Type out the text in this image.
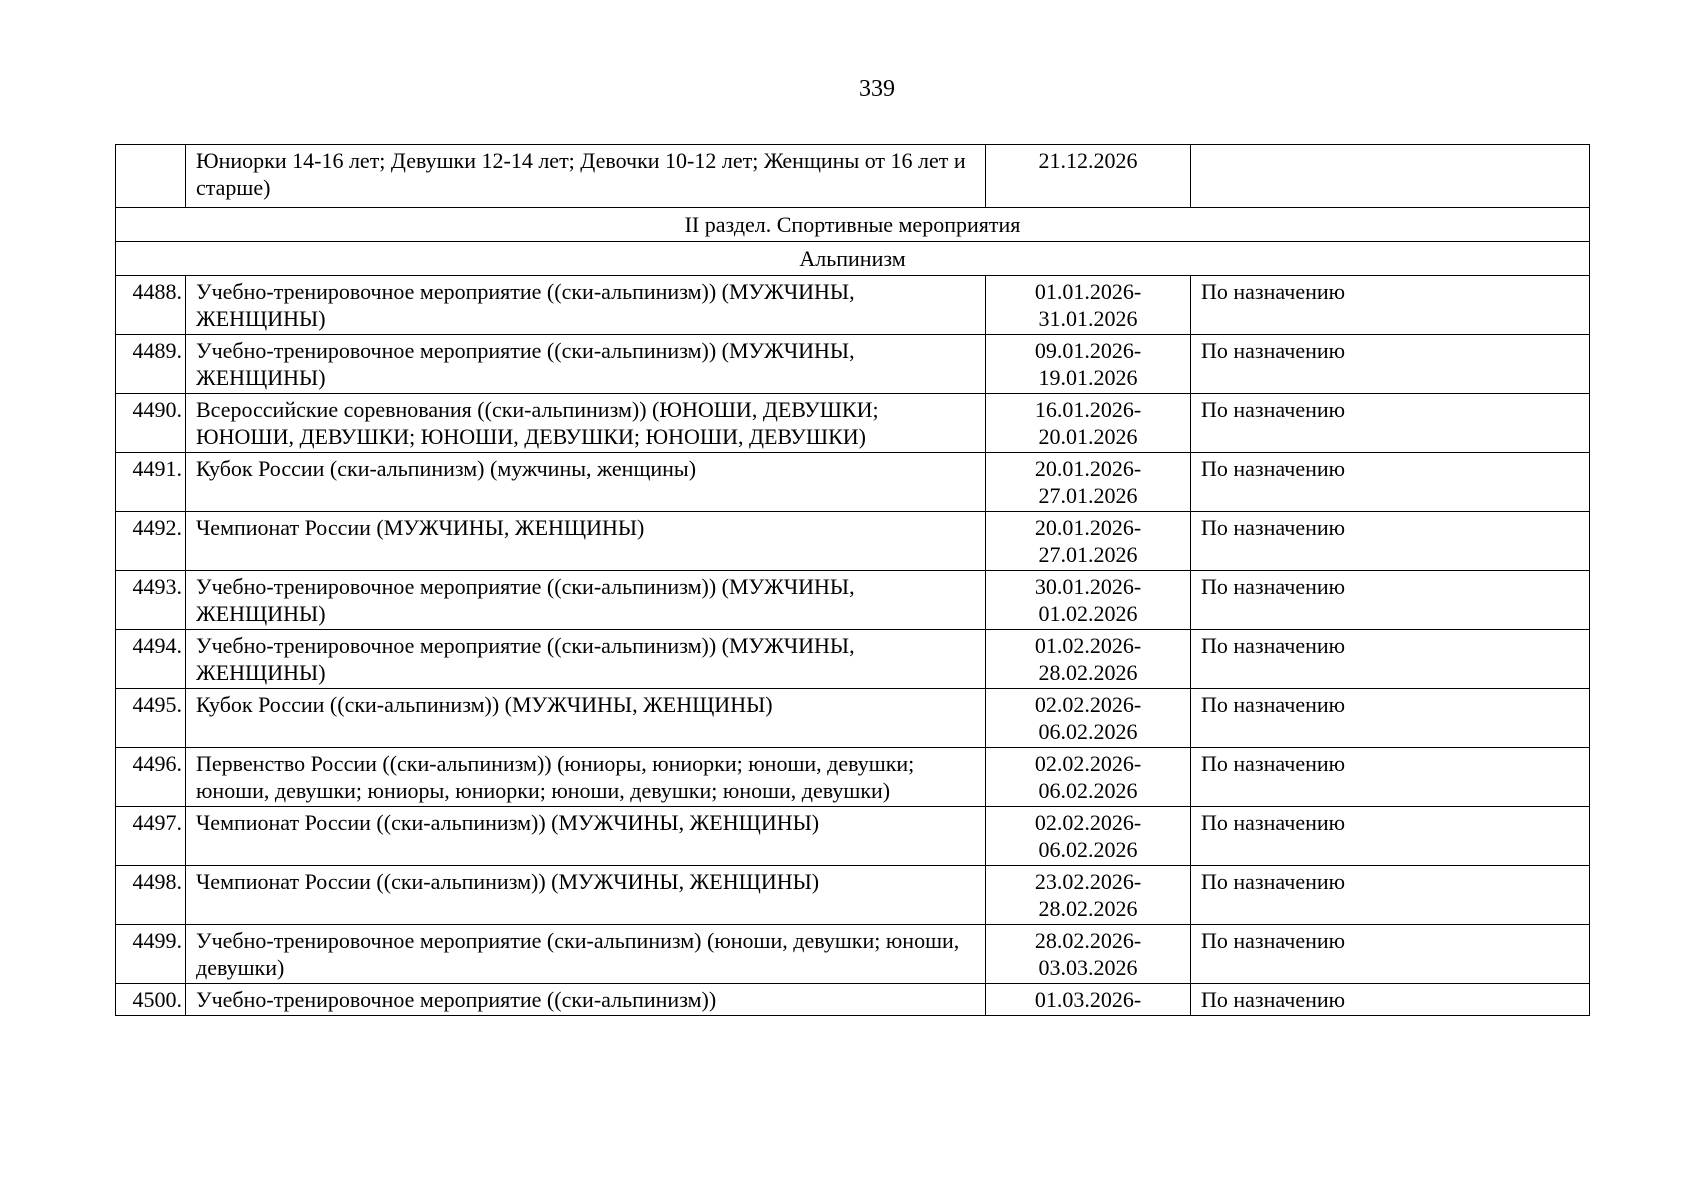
339
	Юниорки 14-16 лет; Девушки 12-14 лет; Девочки 10-12 лет; Женщины от 16 лет и старше)	21.12.2026	
II раздел. Спортивные мероприятия			
Альпинизм			
4488.	Учебно-тренировочное мероприятие ((ски-альпинизм)) (МУЖЧИНЫ, ЖЕНЩИНЫ)	01.01.2026-31.01.2026	По назначению
4489.	Учебно-тренировочное мероприятие ((ски-альпинизм)) (МУЖЧИНЫ, ЖЕНЩИНЫ)	09.01.2026-19.01.2026	По назначению
4490.	Всероссийские соревнования ((ски-альпинизм)) (ЮНОШИ, ДЕВУШКИ; ЮНОШИ, ДЕВУШКИ; ЮНОШИ, ДЕВУШКИ; ЮНОШИ, ДЕВУШКИ)	16.01.2026-20.01.2026	По назначению
4491.	Кубок России (ски-альпинизм) (мужчины, женщины)	20.01.2026-27.01.2026	По назначению
4492.	Чемпионат России (МУЖЧИНЫ, ЖЕНЩИНЫ)	20.01.2026-27.01.2026	По назначению
4493.	Учебно-тренировочное мероприятие ((ски-альпинизм)) (МУЖЧИНЫ, ЖЕНЩИНЫ)	30.01.2026-01.02.2026	По назначению
4494.	Учебно-тренировочное мероприятие ((ски-альпинизм)) (МУЖЧИНЫ, ЖЕНЩИНЫ)	01.02.2026-28.02.2026	По назначению
4495.	Кубок России ((ски-альпинизм)) (МУЖЧИНЫ, ЖЕНЩИНЫ)	02.02.2026-06.02.2026	По назначению
4496.	Первенство России ((ски-альпинизм)) (юниоры, юниорки; юноши, девушки; юноши, девушки; юниоры, юниорки; юноши, девушки; юноши, девушки)	02.02.2026-06.02.2026	По назначению
4497.	Чемпионат России ((ски-альпинизм)) (МУЖЧИНЫ, ЖЕНЩИНЫ)	02.02.2026-06.02.2026	По назначению
4498.	Чемпионат России ((ски-альпинизм)) (МУЖЧИНЫ, ЖЕНЩИНЫ)	23.02.2026-28.02.2026	По назначению
4499.	Учебно-тренировочное мероприятие (ски-альпинизм) (юноши, девушки; юноши, девушки)	28.02.2026-03.03.2026	По назначению
4500.	Учебно-тренировочное мероприятие ((ски-альпинизм))	01.03.2026-	По назначению
